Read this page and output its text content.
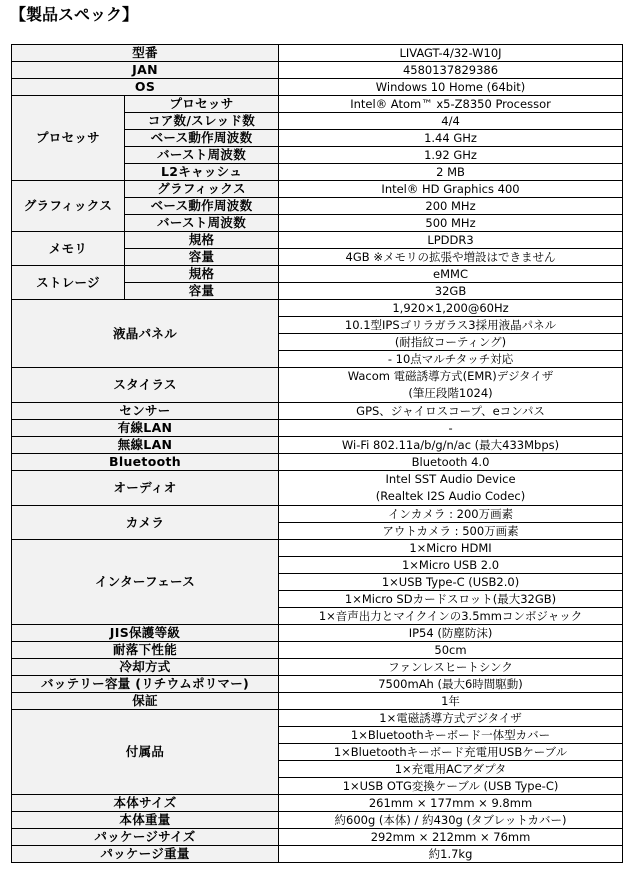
【製品スペック】
型番		LIVAGT-4/32-W10J
JAN		4580137829386
OS		Windows 10 Home (64bit)
プロセッサ	プロセッサ	Intel® Atom™ x5-Z8350 Processor
	コア数/スレッド数	4/4
	ベース動作周波数	1.44 GHz
	バースト周波数	1.92 GHz
	L2キャッシュ	2 MB
グラフィックス	グラフィックス	Intel® HD Graphics 400
	ベース動作周波数	200 MHz
	バースト周波数	500 MHz
メモリ	規格	LPDDR3
	容量	4GB ※メモリの拡張や増設はできません
ストレージ	規格	eMMC
	容量	32GB
液晶パネル		1,920×1,200@60Hz
		10.1型IPSゴリラガラス3採用液晶パネル
		(耐指紋コーティング)
		- 10点マルチタッチ対応
スタイラス		Wacom 電磁誘導方式(EMR)デジタイザ
(筆圧段階1024)

センサー		GPS、ジャイロスコープ、eコンパス
有線LAN		-
無線LAN		Wi-Fi 802.11a/b/g/n/ac (最大433Mbps)
Bluetooth		Bluetooth 4.0
オーディオ		Intel SST Audio Device
(Realtek I2S Audio Codec)

カメラ		インカメラ : 200万画素
		アウトカメラ : 500万画素
インターフェース		1×Micro HDMI
		1×Micro USB 2.0
		1×USB Type-C (USB2.0)
		1×Micro SDカードスロット(最大32GB)
		1×音声出力とマイクインの3.5mmコンボジャック
JIS保護等級		IP54 (防塵防沫)
耐落下性能		50cm
冷却方式		ファンレスヒートシンク
バッテリー容量 (リチウムポリマー)		7500mAh (最大6時間駆動)
保証		1年
付属品		1×電磁誘導方式デジタイザ
		1×Bluetoothキーボード一体型カバー
		1×Bluetoothキーボード充電用USBケーブル
		1×充電用ACアダプタ
		1×USB OTG変換ケーブル (USB Type-C)
本体サイズ		261mm × 177mm × 9.8mm
本体重量		約600g (本体) / 約430g (タブレットカバー)
パッケージサイズ		292mm × 212mm × 76mm
パッケージ重量		約1.7kg
